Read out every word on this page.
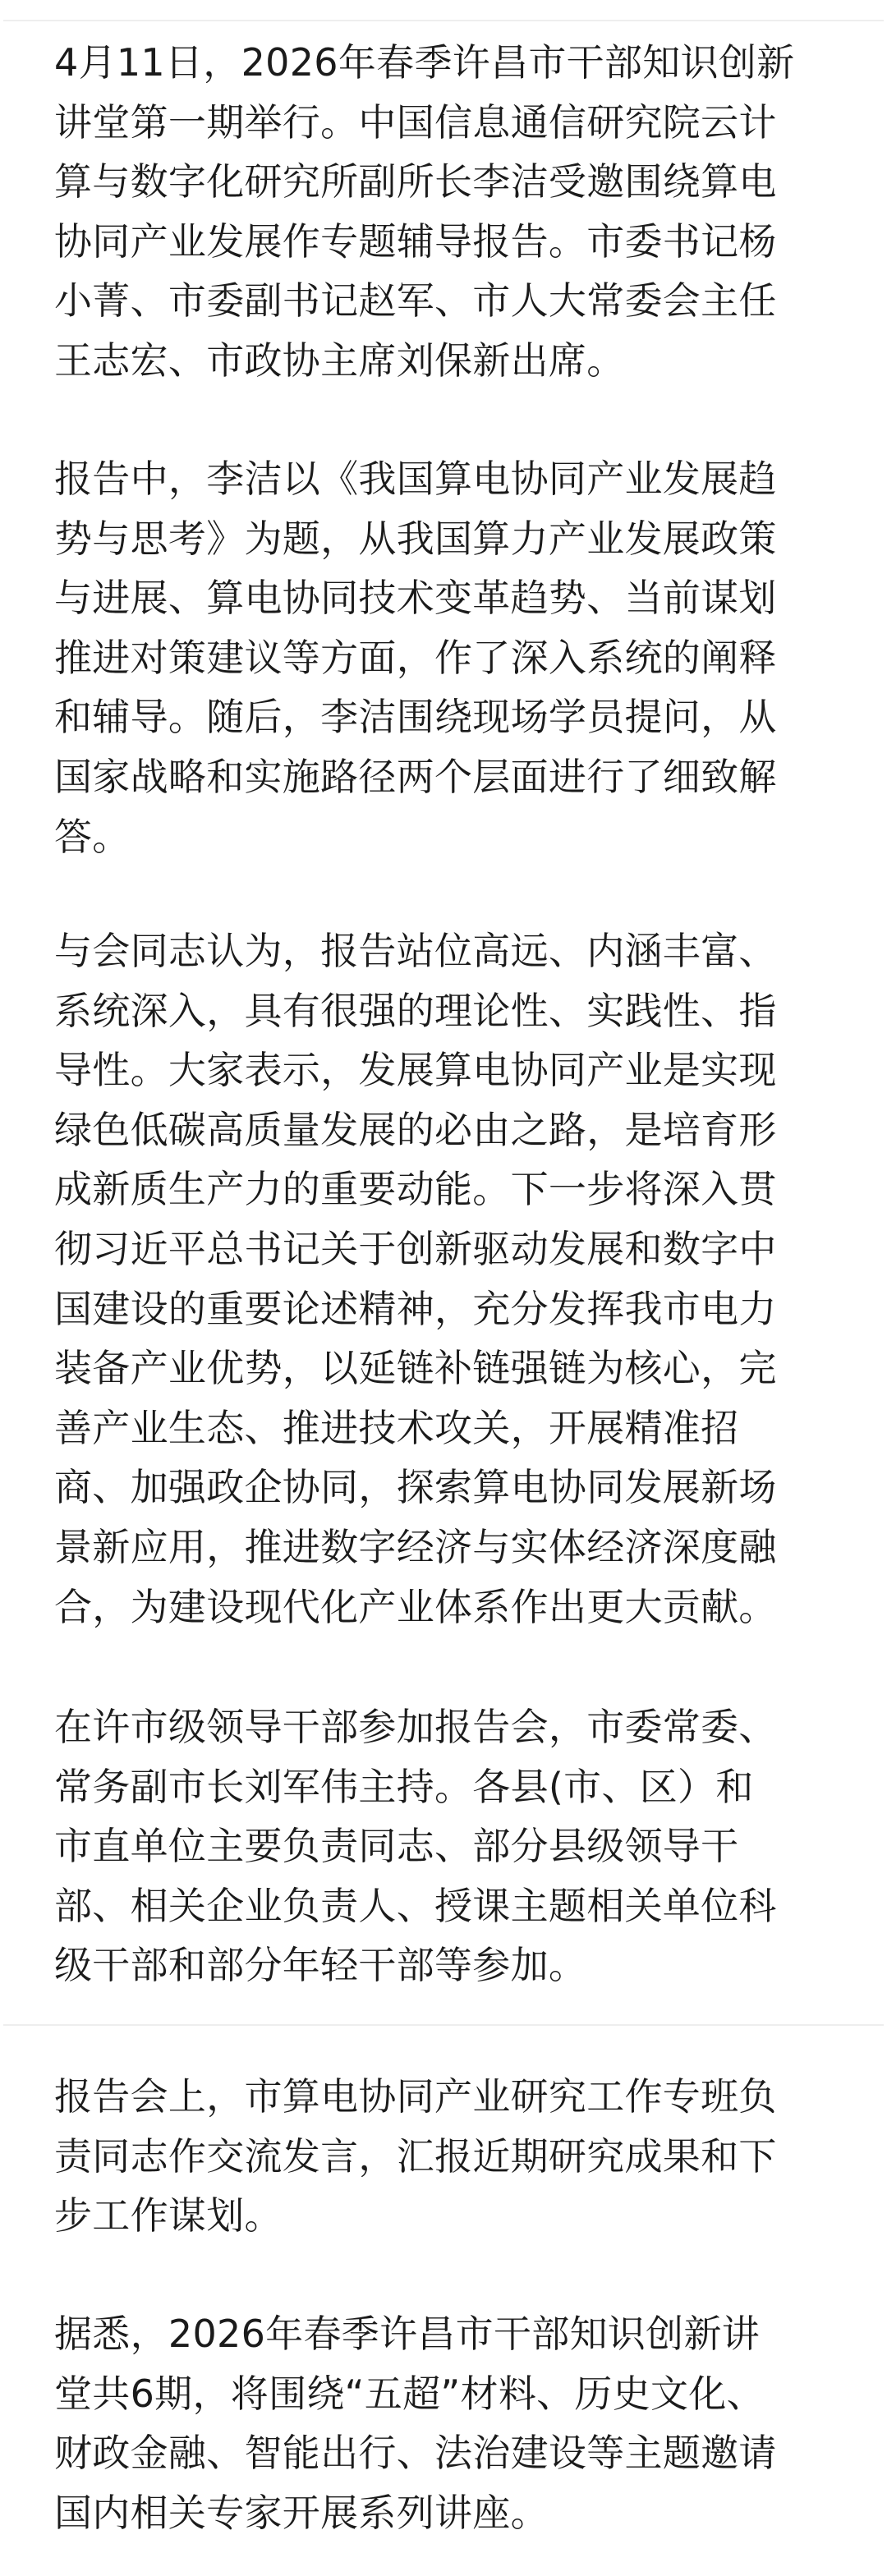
4月11日，2026年春季许昌市干部知识创新
讲堂第一期举行。中国信息通信研究院云计
算与数字化研究所副所长李洁受邀围绕算电
协同产业发展作专题辅导报告。市委书记杨
小菁、市委副书记赵军、市人大常委会主任
王志宏、市政协主席刘保新出席。
报告中，李洁以《我国算电协同产业发展趋
势与思考》为题，从我国算力产业发展政策
与进展、算电协同技术变革趋势、当前谋划
推进对策建议等方面，作了深入系统的阐释
和辅导。随后，李洁围绕现场学员提问，从
国家战略和实施路径两个层面进行了细致解
答。
与会同志认为，报告站位高远、内涵丰富、
系统深入，具有很强的理论性、实践性、指
导性。大家表示，发展算电协同产业是实现
绿色低碳高质量发展的必由之路，是培育形
成新质生产力的重要动能。下一步将深入贯
彻习近平总书记关于创新驱动发展和数字中
国建设的重要论述精神，充分发挥我市电力
装备产业优势，以延链补链强链为核心，完
善产业生态、推进技术攻关，开展精准招
商、加强政企协同，探索算电协同发展新场
景新应用，推进数字经济与实体经济深度融
合，为建设现代化产业体系作出更大贡献。
在许市级领导干部参加报告会，市委常委、
常务副市长刘军伟主持。各县(市、区）和
市直单位主要负责同志、部分县级领导干
部、相关企业负责人、授课主题相关单位科
级干部和部分年轻干部等参加。
报告会上，市算电协同产业研究工作专班负
责同志作交流发言，汇报近期研究成果和下
步工作谋划。
据悉，2026年春季许昌市干部知识创新讲
堂共6期，将围绕“五超”材料、历史文化、
财政金融、智能出行、法治建设等主题邀请
国内相关专家开展系列讲座。
